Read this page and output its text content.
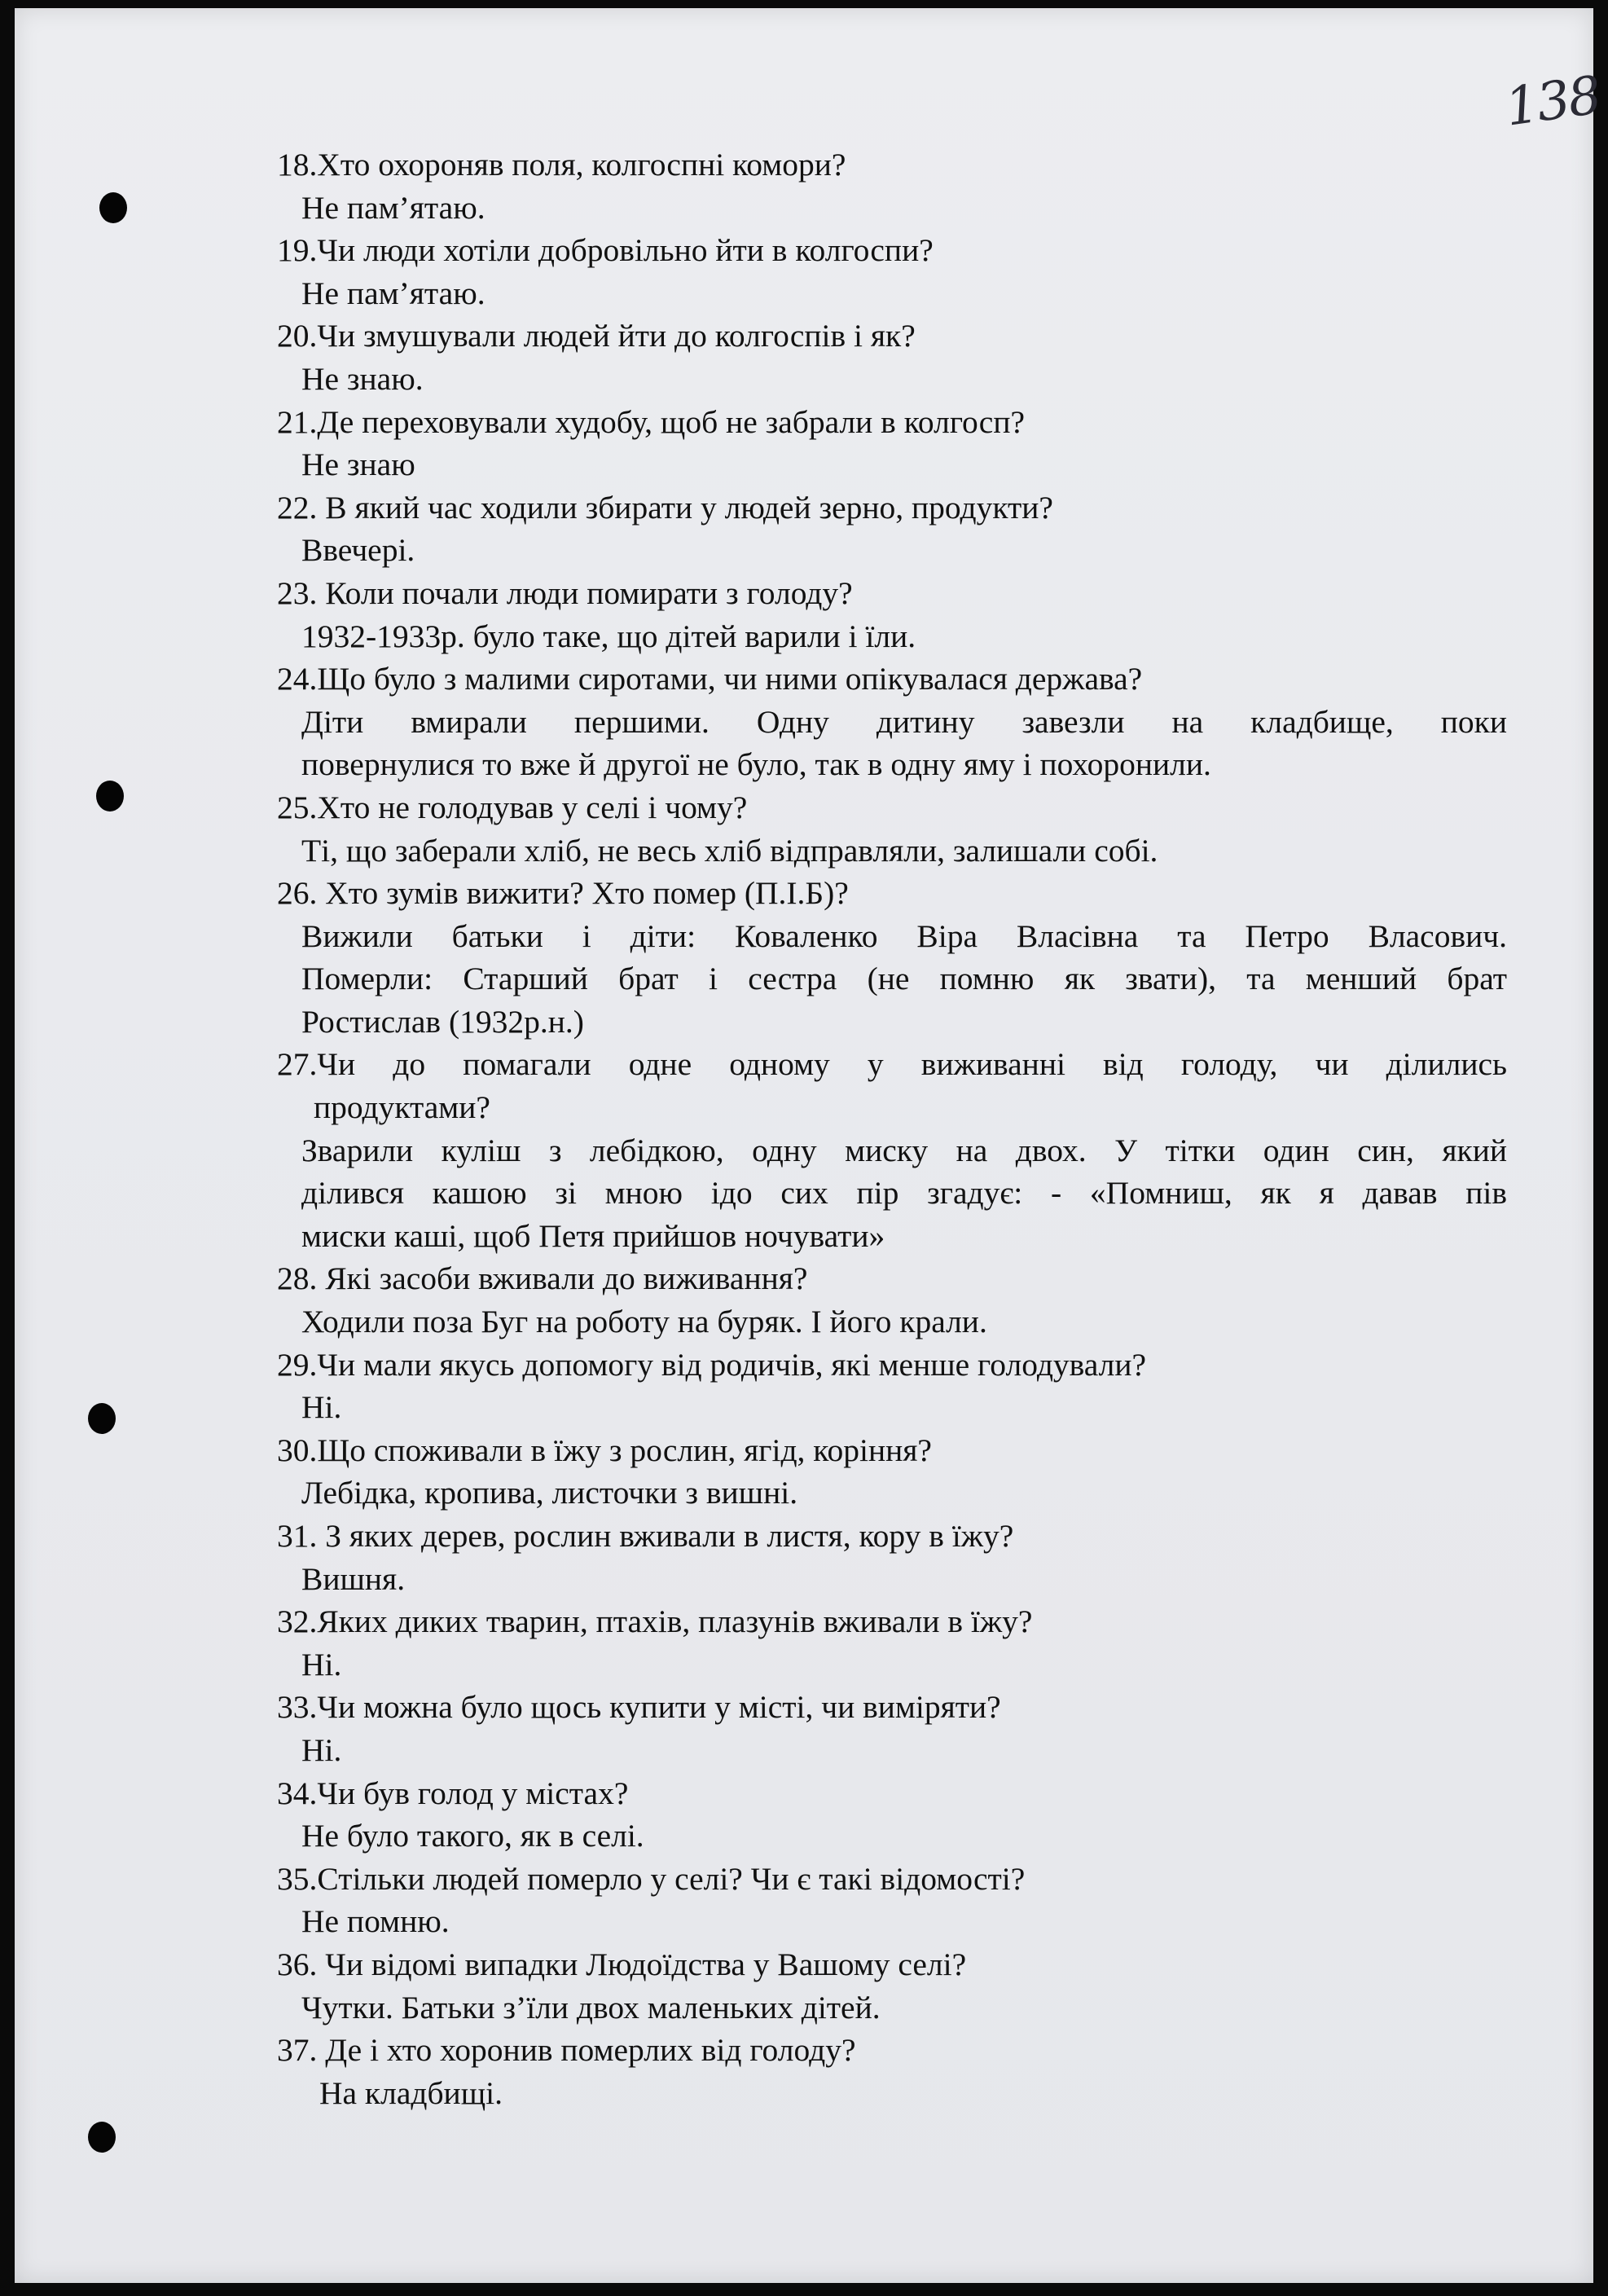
138
18.Хто охороняв поля, колгоспні комори?
Не пам’ятаю.
19.Чи люди хотіли добровільно йти в колгоспи?
Не пам’ятаю.
20.Чи змушували людей йти до колгоспів і як?
Не знаю.
21.Де переховували худобу, щоб не забрали в колгосп?
Не знаю
22. В який час ходили збирати у людей зерно, продукти?
Ввечері.
23. Коли почали люди помирати з голоду?
1932-1933р. було таке, що дітей варили і їли.
24.Що було з малими сиротами, чи ними опікувалася держава?
Діти вмирали першими. Одну дитину завезли на кладбище, поки
повернулися то вже й другої не було, так в одну яму і похоронили.
25.Хто не голодував у селі і чому?
Ті, що заберали хліб, не весь хліб відправляли, залишали собі.
26. Хто зумів вижити? Хто помер (П.І.Б)?
Вижили батьки і діти: Коваленко Віра Власівна та Петро Власович.
Померли: Старший брат і сестра (не помню як звати), та менший брат
Ростислав (1932р.н.)
27.Чи до помагали одне одному у виживанні від голоду, чи ділились
продуктами?
Зварили куліш з лебідкою, одну миску на двох. У тітки один син, який
ділився кашою зі мною ідо сих пір згадує: - «Помниш, як я давав пів
миски каші, щоб Петя прийшов ночувати»
28. Які засоби вживали до виживання?
Ходили поза Буг на роботу на буряк. І його крали.
29.Чи мали якусь допомогу від родичів, які менше голодували?
Ні.
30.Що споживали в їжу з рослин, ягід, коріння?
Лебідка, кропива, листочки з вишні.
31. З яких дерев, рослин вживали в листя, кору в їжу?
Вишня.
32.Яких диких тварин, птахів, плазунів вживали в їжу?
Ні.
33.Чи можна було щось купити у місті, чи виміряти?
Ні.
34.Чи був голод у містах?
Не було такого, як в селі.
35.Стільки людей померло у селі? Чи є такі відомості?
Не помню.
36. Чи відомі випадки Людоїдства у Вашому селі?
Чутки. Батьки з’їли двох маленьких дітей.
37. Де і хто хоронив померлих від голоду?
На кладбищі.
